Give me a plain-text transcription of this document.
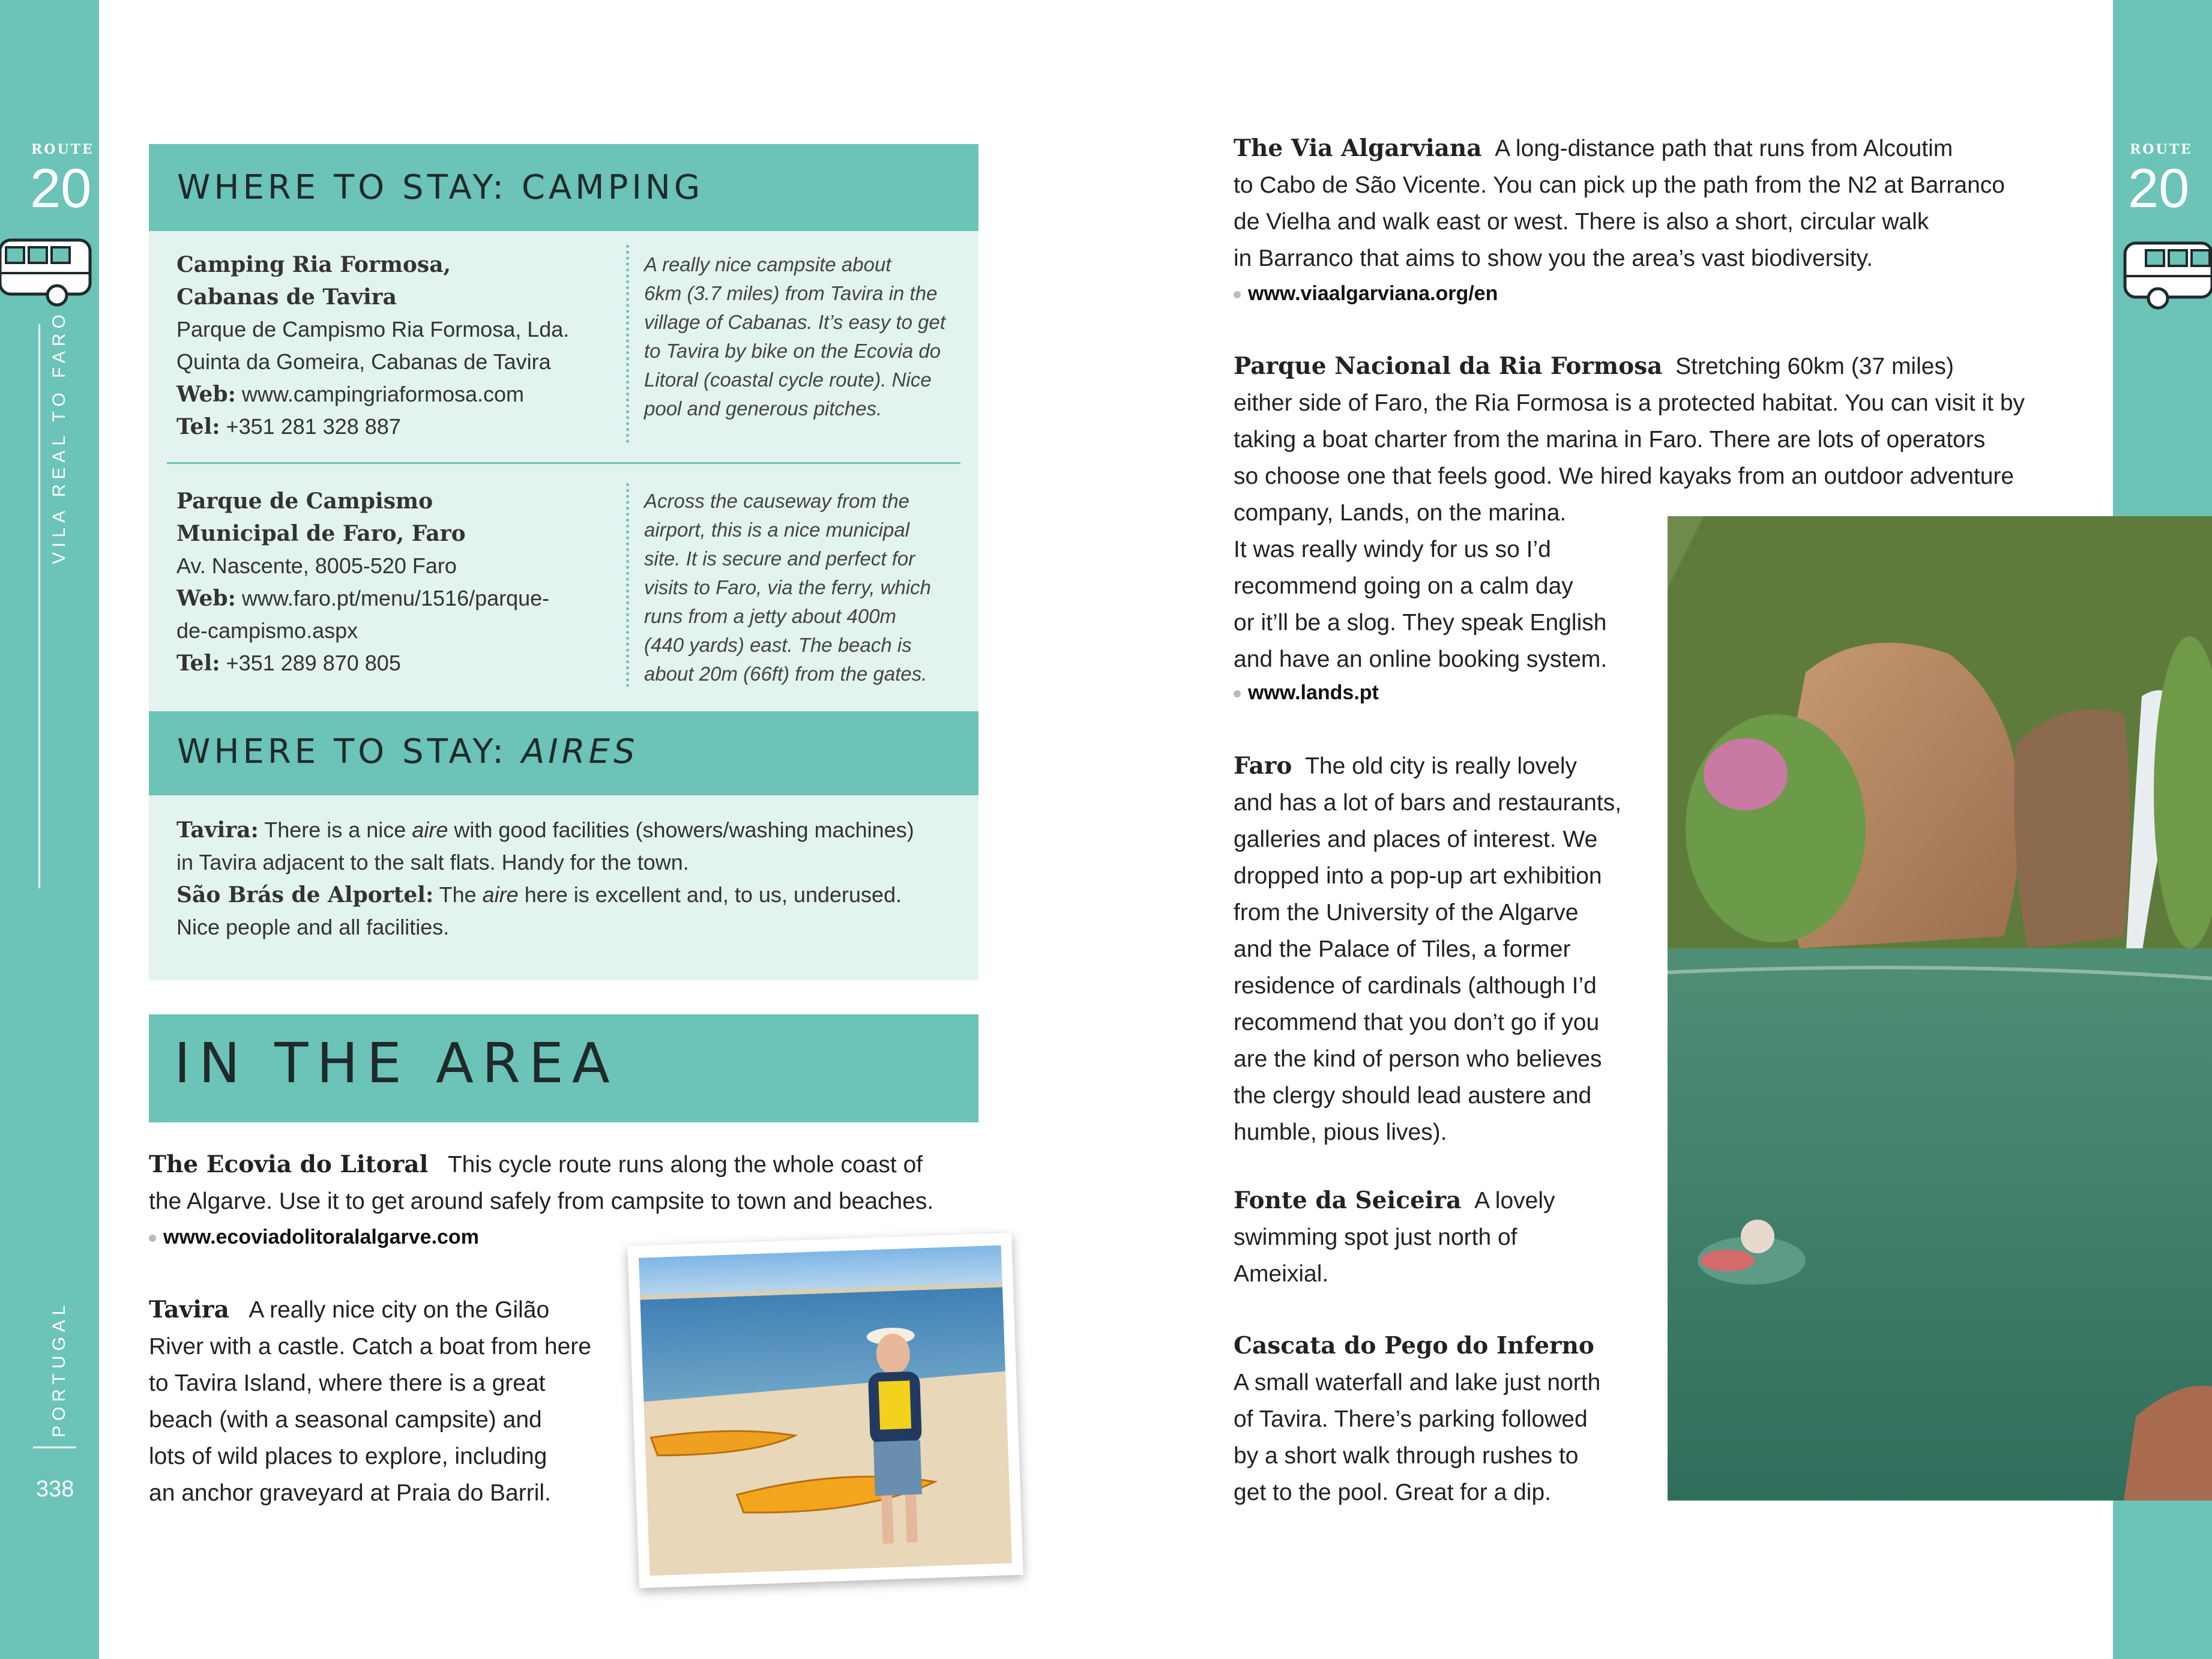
ROUTE
20
VILA REAL TO FARO
PORTUGAL
338
ROUTE
20
WHERE TO STAY: CAMPING
Camping Ria Formosa,
Cabanas de Tavira
Parque de Campismo Ria Formosa, Lda.
Quinta da Gomeira, Cabanas de Tavira
Web: www.campingriaformosa.com
Tel: +351 281 328 887
A really nice campsite about
6km (3.7 miles) from Tavira in the
village of Cabanas. It’s easy to get
to Tavira by bike on the Ecovia do
Litoral (coastal cycle route). Nice
pool and generous pitches.
Parque de Campismo
Municipal de Faro, Faro
Av. Nascente, 8005-520 Faro
Web: www.faro.pt/menu/1516/parque-
de-campismo.aspx
Tel: +351 289 870 805
Across the causeway from the
airport, this is a nice municipal
site. It is secure and perfect for
visits to Faro, via the ferry, which
runs from a jetty about 400m
(440 yards) east. The beach is
about 20m (66ft) from the gates.
WHERE TO STAY: AIRES
Tavira: There is a nice aire with good facilities (showers/washing machines)
in Tavira adjacent to the salt flats. Handy for the town.
São Brás de Alportel: The aire here is excellent and, to us, underused.
Nice people and all facilities.
IN THE AREA
The Ecovia do Litoral This cycle route runs along the whole coast of
the Algarve. Use it to get around safely from campsite to town and beaches.
www.ecoviadolitoralalgarve.com
Tavira A really nice city on the Gilão
River with a castle. Catch a boat from here
to Tavira Island, where there is a great
beach (with a seasonal campsite) and
lots of wild places to explore, including
an anchor graveyard at Praia do Barril.
The Via Algarviana A long-distance path that runs from Alcoutim
to Cabo de São Vicente. You can pick up the path from the N2 at Barranco
de Vielha and walk east or west. There is also a short, circular walk
in Barranco that aims to show you the area’s vast biodiversity.
www.viaalgarviana.org/en
Parque Nacional da Ria Formosa Stretching 60km (37 miles)
either side of Faro, the Ria Formosa is a protected habitat. You can visit it by
taking a boat charter from the marina in Faro. There are lots of operators
so choose one that feels good. We hired kayaks from an outdoor adventure
company, Lands, on the marina.
It was really windy for us so I’d
recommend going on a calm day
or it’ll be a slog. They speak English
and have an online booking system.
www.lands.pt
Faro The old city is really lovely
and has a lot of bars and restaurants,
galleries and places of interest. We
dropped into a pop-up art exhibition
from the University of the Algarve
and the Palace of Tiles, a former
residence of cardinals (although I’d
recommend that you don’t go if you
are the kind of person who believes
the clergy should lead austere and
humble, pious lives).
Fonte da Seiceira A lovely
swimming spot just north of
Ameixial.
Cascata do Pego do Inferno
A small waterfall and lake just north
of Tavira. There’s parking followed
by a short walk through rushes to
get to the pool. Great for a dip.
